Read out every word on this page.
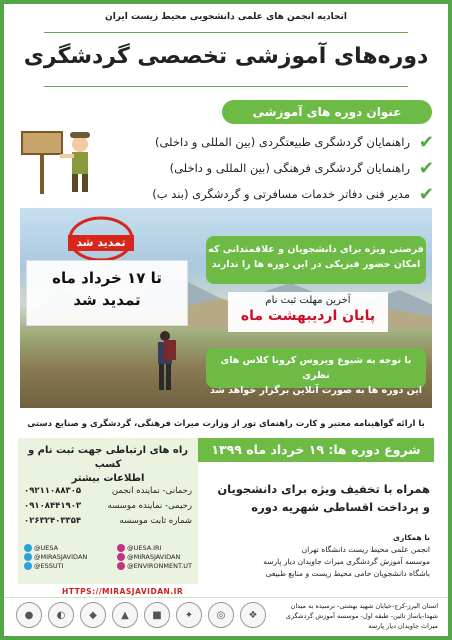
اتحادیه انجمن های علمی دانشجویی محیط زیست ایران
دوره‌های آموزشی تخصصی گردشگری
عنوان دوره های آموزشی
✔
راهنمایان گردشگری طبیعتگردی (بین المللی و داخلی)
✔
راهنمایان گردشگری فرهنگی (بین المللی و داخلی)
✔
مدیر فنی دفاتر خدمات مسافرتی و گردشگری (بند ب)
تمدید شد
تا ۱۷ خرداد ماه
تمدید شد
فرصتی ویژه برای دانشجویان و علاقمندانی که
امکان حضور فیزیکی در این دوره ها را ندارند
آخرین مهلت ثبت نام
پایان اردیبهشت ماه
با توجه به شیوع ویروس کرونا کلاس های نظری
این دوره ها به صورت آنلاین برگزار خواهد شد
با ارائه گواهینامه معتبر و کارت راهنمای تور از وزارت میراث فرهنگی، گردشگری و صنایع دستی
راه های ارتباطی جهت ثبت نام و کسب
اطلاعات بیشتر
رحمانی- نماینده انجمن
۰۹۲۱۱۰۸۸۳۰۵
رحیمی- نماینده موسسه
۰۹۱۰۸۴۴۱۹۰۳
شماره ثابت موسسه
۰۲۶۳۲۴۰۳۳۵۴
@UESA
@MIRASJAVIDAN
@ESSUTI
@UESA.IRI
@MIRASJAVIDAN
@ENVIRONMENT.UT
شروع دوره ها: ۱۹ خرداد ماه ۱۳۹۹
همراه با تخفیف ویژه برای دانشجویان
و پرداخت اقساطی شهریه دوره
با همکاری
انجمن علمی محیط زیست دانشگاه تهران
موسسه آموزش گردشگری میراث جاویدان دیار پارسه
باشگاه دانشجویان حامی محیط زیست و منابع طبیعی
HTTPS://MIRASJAVIDAN.IR
●	◐	◆	▲	■	✦	◎	❖
استان البرز-کرج-خیابان شهید بهشتی- نرسیده به میدان
شهدا-پاساژ تائین- طبقه اول- موسسه آموزش گردشگری
میراث جاویدان دیار پارسه
